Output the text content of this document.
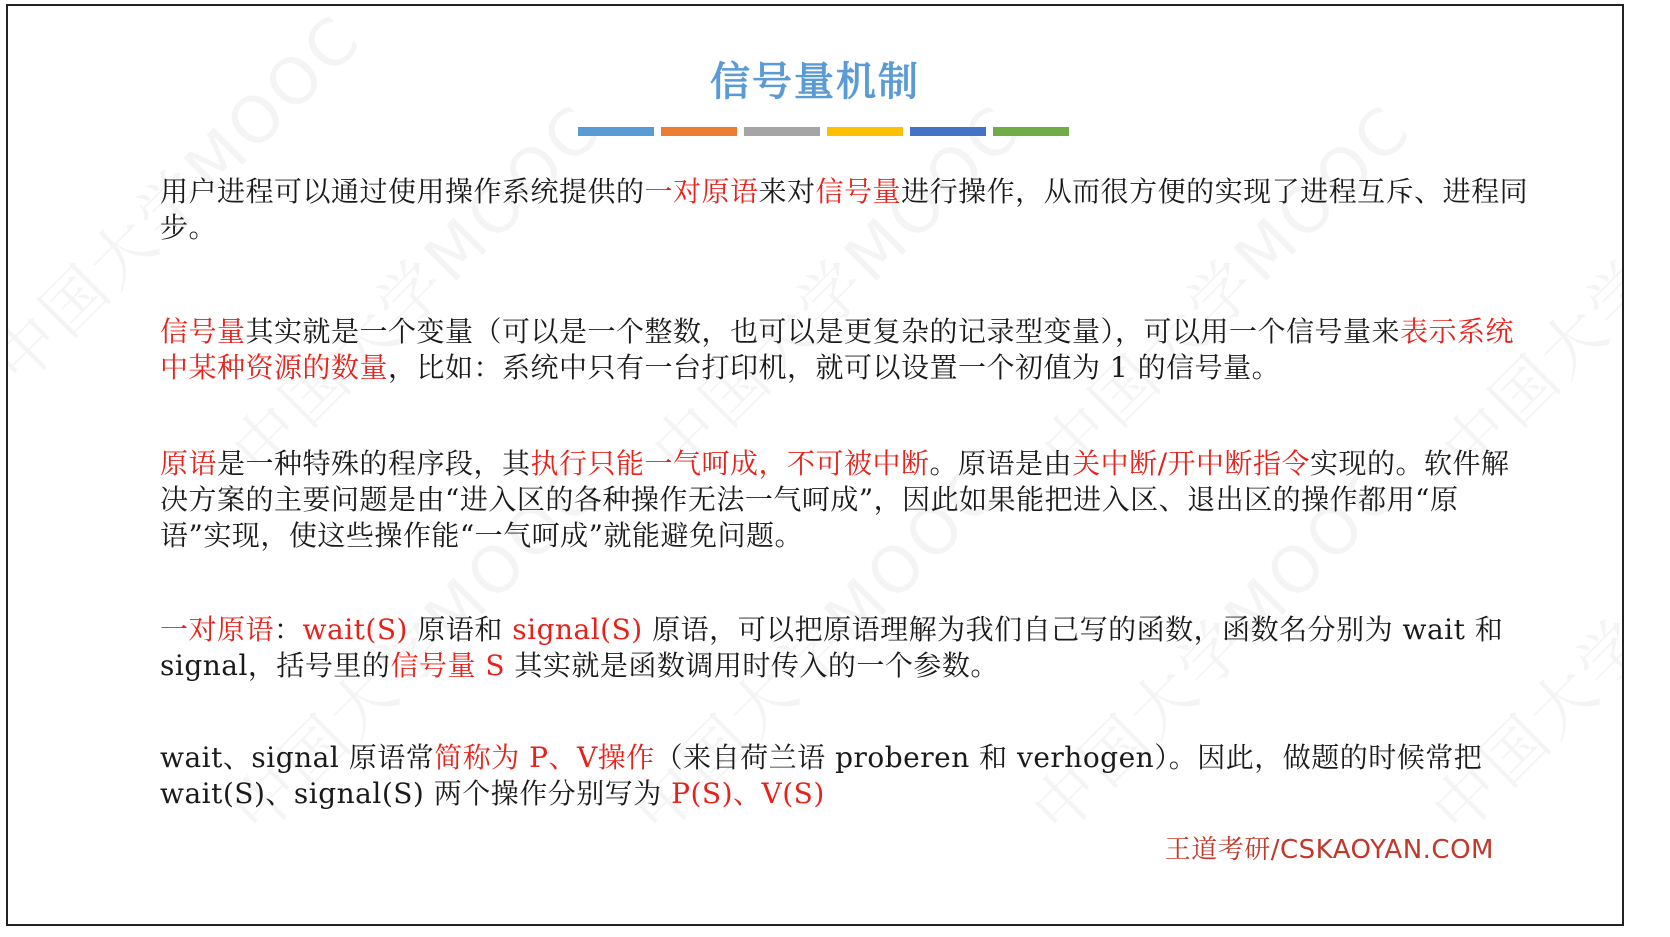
信号量机制

用户进程可以通过使用操作系统提供的一对原语来对信号量进行操作，从而很方便的实现了进程互斥、进程同步。

信号量其实就是一个变量（可以是一个整数，也可以是更复杂的记录型变量），可以用一个信号量来表示系统中某种资源的数量，比如：系统中只有一台打印机，就可以设置一个初值为 1 的信号量。

原语是一种特殊的程序段，其执行只能一气呵成，不可被中断。原语是由关中断/开中断指令实现的。软件解决方案的主要问题是由“进入区的各种操作无法一气呵成”，因此如果能把进入区、退出区的操作都用“原语”实现，使这些操作能“一气呵成”就能避免问题。

一对原语：wait(S) 原语和 signal(S) 原语，可以把原语理解为我们自己写的函数，函数名分别为 wait 和 signal，括号里的信号量 S 其实就是函数调用时传入的一个参数。

wait、signal 原语常简称为 P、V操作（来自荷兰语 proberen 和 verhogen）。因此，做题的时候常把 wait(S)、signal(S) 两个操作分别写为 P(S)、V(S)

王道考研/CSKAOYAN.COM
